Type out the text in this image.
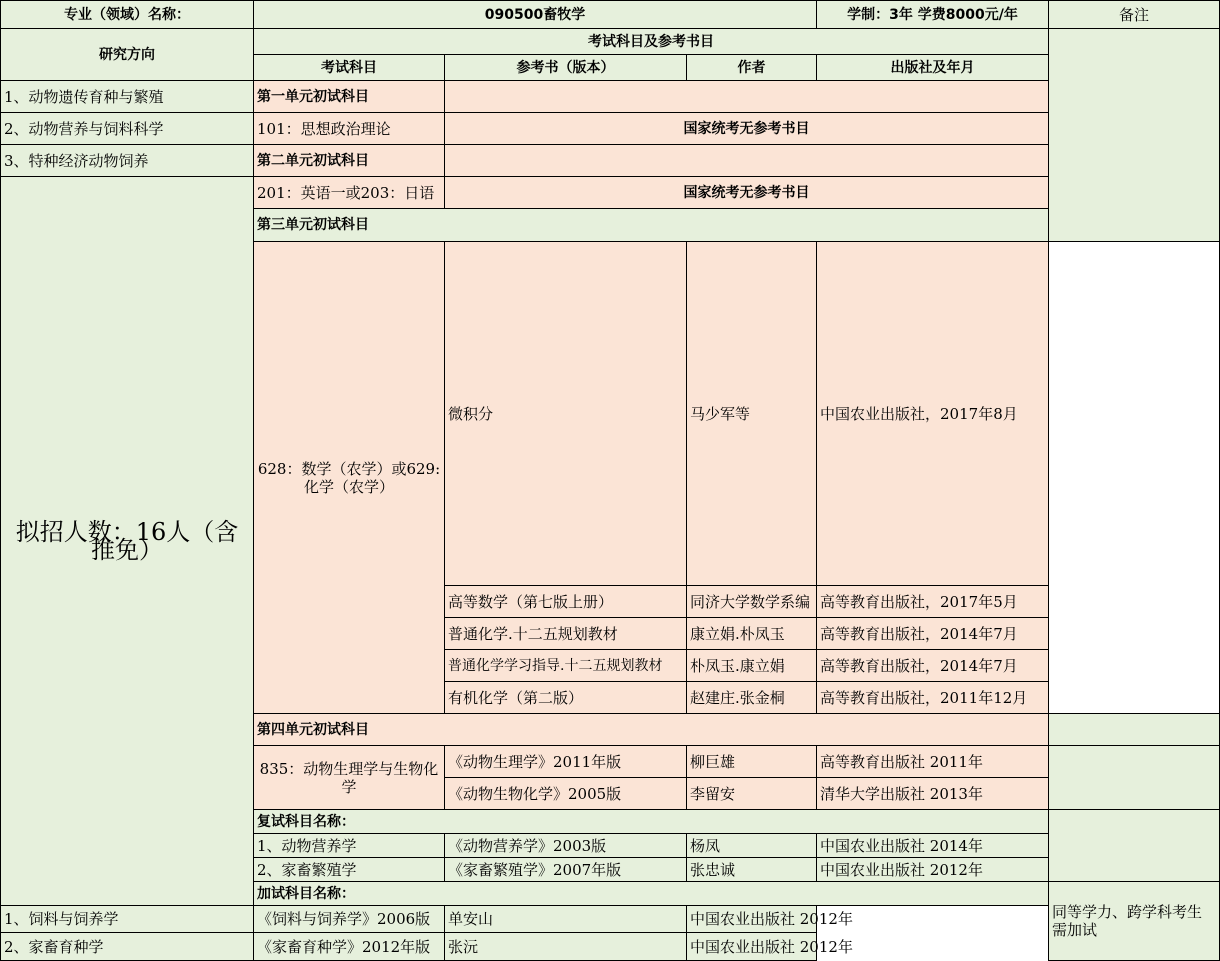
专业（领域）名称：	090500畜牧学			学制：3年 学费8000元/年	备注	
研究方向	考试科目及参考书目					
	考试科目	参考书（版本）	作者	出版社及年月		
1、动物遗传育种与繁殖	第一单元初试科目					
2、动物营养与饲料科学	101：思想政治理论	国家统考无参考书目				
3、特种经济动物饲养	第二单元初试科目					
拟招人数：16人（含推免）	201：英语一或203：日语	国家统考无参考书目				
	第三单元初试科目	
	628：数学（农学）或629:化学（农学）	微积分	马少军等	中国农业出版社，2017年8月		
		高等数学（第七版上册）	同济大学数学系编	高等教育出版社，2017年5月		
		普通化学.十二五规划教材	康立娟.朴凤玉	高等教育出版社，2014年7月		
		普通化学学习指导.十二五规划教材	朴凤玉.康立娟	高等教育出版社，2014年7月		
		有机化学（第二版）	赵建庄.张金桐	高等教育出版社，2011年12月		
	第四单元初试科目					
	835：动物生理学与生物化学	《动物生理学》2011年版	柳巨雄	高等教育出版社 2011年		
		《动物生物化学》2005版	李留安	清华大学出版社 2013年		
	复试科目名称：					
	1、动物营养学	《动物营养学》2003版	杨凤	中国农业出版社 2014年		
	2、家畜繁殖学	《家畜繁殖学》2007年版	张忠诚	中国农业出版社 2012年		
	加试科目名称：				同等学力、跨学科考生需加试	
1、饲料与饲养学	《饲料与饲养学》2006版	单安山	中国农业出版社 2012年			
2、家畜育种学	《家畜育种学》2012年版	张沅	中国农业出版社 2012年			
